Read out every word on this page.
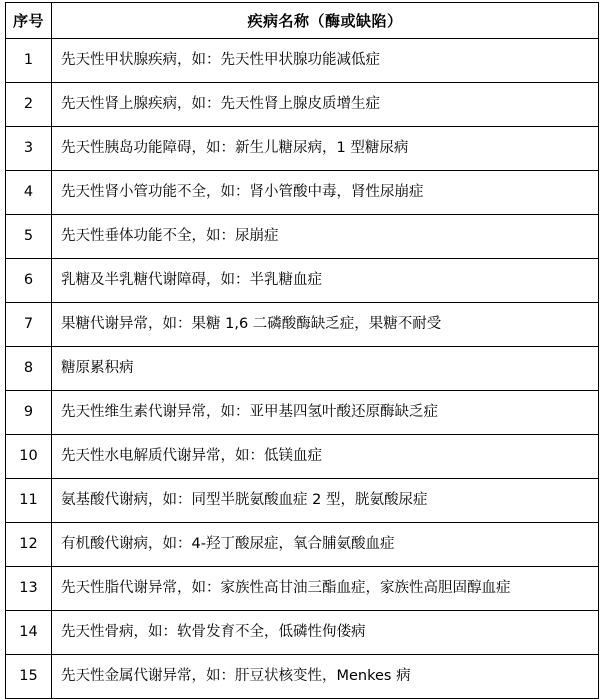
序号	疾病名称（酶或缺陷）
1	先天性甲状腺疾病，如：先天性甲状腺功能减低症
2	先天性肾上腺疾病，如：先天性肾上腺皮质增生症
3	先天性胰岛功能障碍，如：新生儿糖尿病，1 型糖尿病
4	先天性肾小管功能不全，如：肾小管酸中毒，肾性尿崩症
5	先天性垂体功能不全，如：尿崩症
6	乳糖及半乳糖代谢障碍，如：半乳糖血症
7	果糖代谢异常，如：果糖 1,6 二磷酸酶缺乏症，果糖不耐受
8	糖原累积病
9	先天性维生素代谢异常，如：亚甲基四氢叶酸还原酶缺乏症
10	先天性水电解质代谢异常，如：低镁血症
11	氨基酸代谢病，如：同型半胱氨酸血症 2 型，胱氨酸尿症
12	有机酸代谢病，如：4-羟丁酸尿症，氧合脯氨酸血症
13	先天性脂代谢异常，如：家族性高甘油三酯血症，家族性高胆固醇血症
14	先天性骨病，如：软骨发育不全，低磷性佝偻病
15	先天性金属代谢异常，如：肝豆状核变性，Menkes 病
